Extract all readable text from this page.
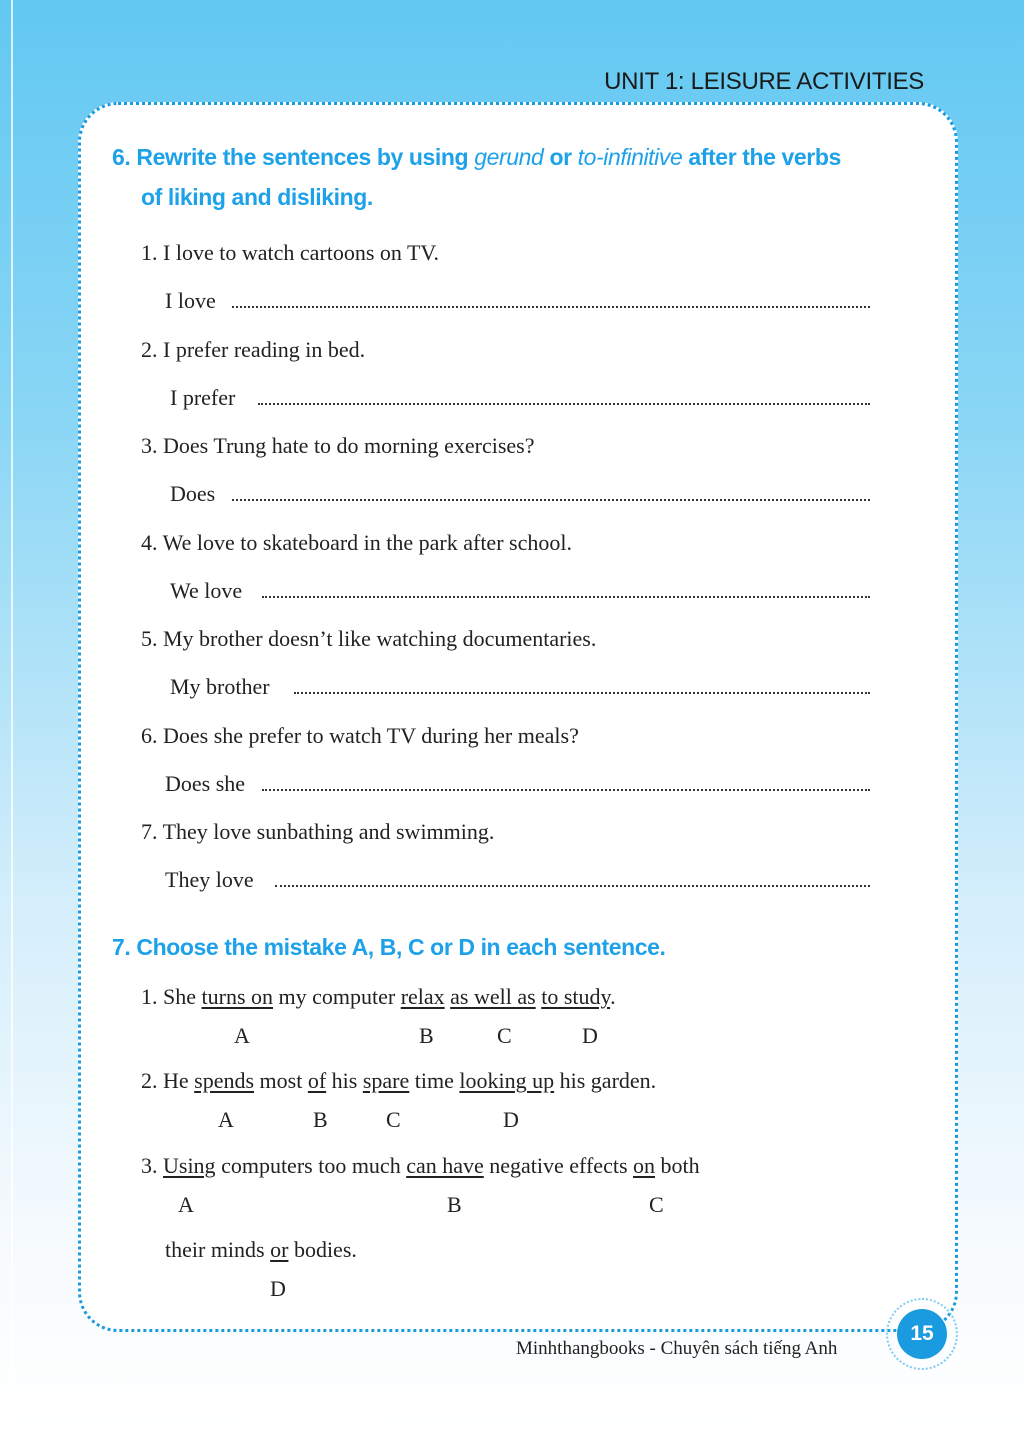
UNIT 1: LEISURE ACTIVITIES
6. Rewrite the sentences by using gerund or to-infinitive after the verbs
of liking and disliking.
1. I love to watch cartoons on TV.
I love
2. I prefer reading in bed.
I prefer
3. Does Trung hate to do morning exercises?
Does
4. We love to skateboard in the park after school.
We love
5. My brother doesn’t like watching documentaries.
My brother
6. Does she prefer to watch TV during her meals?
Does she
7. They love sunbathing and swimming.
They love
7. Choose the mistake A, B, C or D in each sentence.
1. She turns on my computer relax as well as to study.
A	B	C	D
2. He spends most of his spare time looking up his garden.
A	B	C	D
3. Using computers too much can have negative effects on both
A	B	C
their minds or bodies.
D
Minhthangbooks - Chuyên sách tiếng Anh
15
